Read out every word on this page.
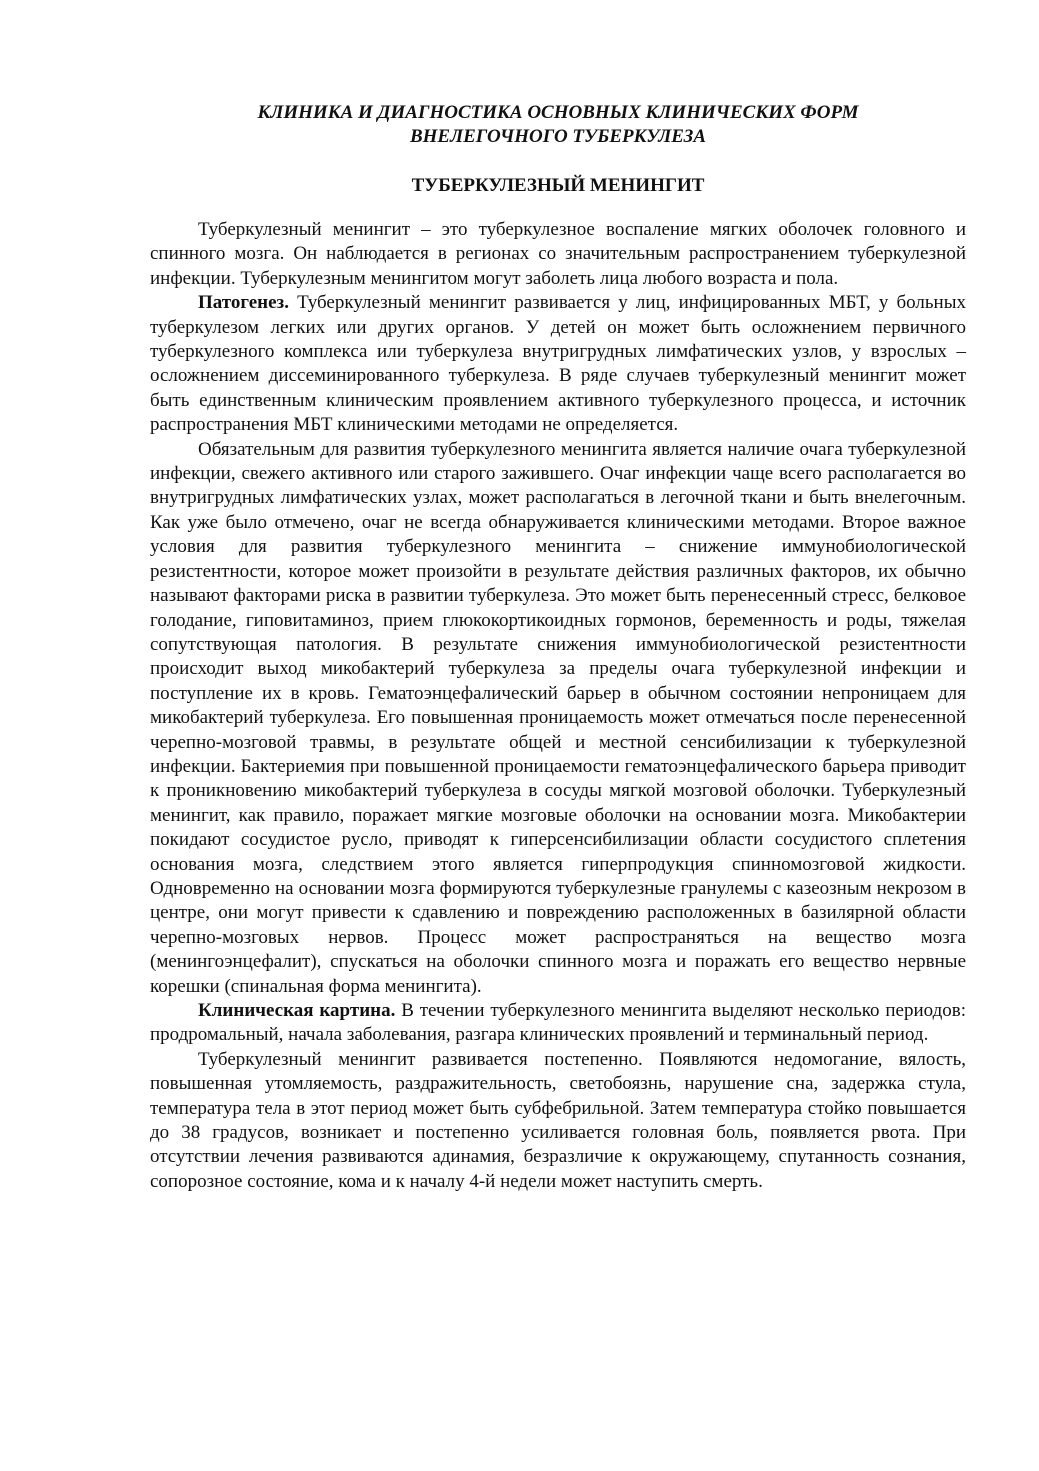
КЛИНИКА И ДИАГНОСТИКА ОСНОВНЫХ КЛИНИЧЕСКИХ ФОРМ
ВНЕЛЕГОЧНОГО ТУБЕРКУЛЕЗА
ТУБЕРКУЛЕЗНЫЙ МЕНИНГИТ

Туберкулезный менингит – это туберкулезное воспаление мягких оболочек головного и спинного мозга. Он наблюдается в регионах со значительным распространением туберкулезной инфекции. Туберкулезным менингитом могут заболеть лица любого возраста и пола.

Патогенез. Туберкулезный менингит развивается у лиц, инфицированных МБТ, у больных туберкулезом легких или других органов. У детей он может быть осложнением первичного туберкулезного комплекса или туберкулеза внутригрудных лимфатических узлов, у взрослых – осложнением диссеминированного туберкулеза. В ряде случаев туберкулезный менингит может быть единственным клиническим проявлением активного туберкулезного процесса, и источник распространения МБТ клиническими методами не определяется.

Обязательным для развития туберкулезного менингита является наличие очага туберкулезной инфекции, свежего активного или старого зажившего. Очаг инфекции чаще всего располагается во внутригрудных лимфатических узлах, может располагаться в легочной ткани и быть внелегочным. Как уже было отмечено, очаг не всегда обнаруживается клиническими методами. Второе важное условия для развития туберкулезного менингита – снижение иммунобиологической резистентности, которое может произойти в результате действия различных факторов, их обычно называют факторами риска в развитии туберкулеза. Это может быть перенесенный стресс, белковое голодание, гиповитаминоз, прием глюкокортикоидных гормонов, беременность и роды, тяжелая сопутствующая патология. В результате снижения иммунобиологической резистентности происходит выход микобактерий туберкулеза за пределы очага туберкулезной инфекции и поступление их в кровь. Гематоэнцефалический барьер в обычном состоянии непроницаем для микобактерий туберкулеза. Его повышенная проницаемость может отмечаться после перенесенной черепно-мозговой травмы, в результате общей и местной сенсибилизации к туберкулезной инфекции. Бактериемия при повышенной проницаемости гематоэнцефалического барьера приводит к проникновению микобактерий туберкулеза в сосуды мягкой мозговой оболочки. Туберкулезный менингит, как правило, поражает мягкие мозговые оболочки на основании мозга. Микобактерии покидают сосудистое русло, приводят к гиперсенсибилизации области сосудистого сплетения основания мозга, следствием этого является гиперпродукция спинномозговой жидкости. Одновременно на основании мозга формируются туберкулезные гранулемы с казеозным некрозом в центре, они могут привести к сдавлению и повреждению расположенных в базилярной области черепно-мозговых нервов. Процесс может распространяться на вещество мозга (менингоэнцефалит), спускаться на оболочки спинного мозга и поражать его вещество нервные корешки (спинальная форма менингита).

Клиническая картина. В течении туберкулезного менингита выделяют несколько периодов: продромальный, начала заболевания, разгара клинических проявлений и терминальный период.

Туберкулезный менингит развивается постепенно. Появляются недомогание, вялость, повышенная утомляемость, раздражительность, светобоязнь, нарушение сна, задержка стула, температура тела в этот период может быть субфебрильной. Затем температура стойко повышается до 38 градусов, возникает и постепенно усиливается головная боль, появляется рвота. При отсутствии лечения развиваются адинамия, безразличие к окружающему, спутанность сознания, сопорозное состояние, кома и к началу 4-й недели может наступить смерть.
